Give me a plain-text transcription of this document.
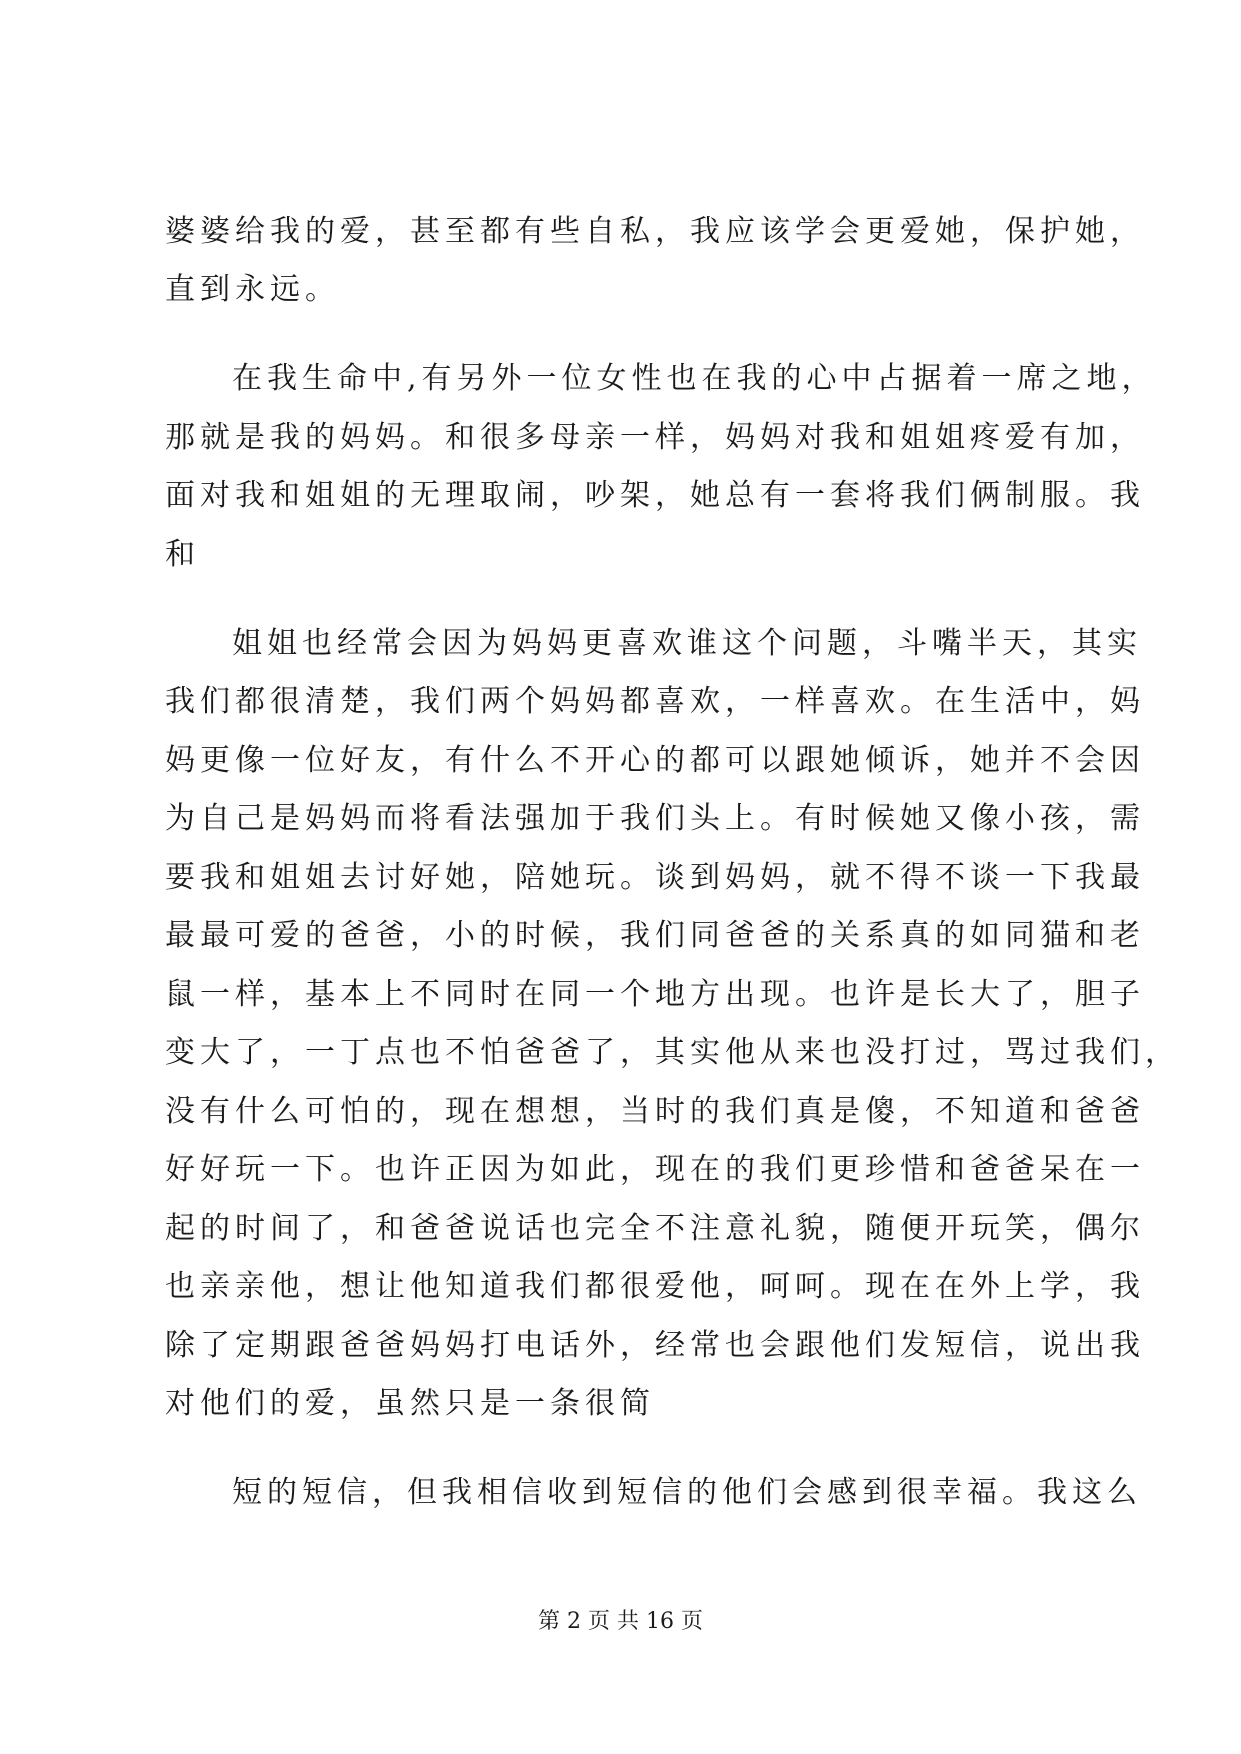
婆婆给我的爱，甚至都有些自私，我应该学会更爱她，保护她，
直到永远。
在我生命中,有另外一位女性也在我的心中占据着一席之地，
那就是我的妈妈。和很多母亲一样，妈妈对我和姐姐疼爱有加，
面对我和姐姐的无理取闹，吵架，她总有一套将我们俩制服。我
和
姐姐也经常会因为妈妈更喜欢谁这个问题，斗嘴半天，其实
我们都很清楚，我们两个妈妈都喜欢，一样喜欢。在生活中，妈
妈更像一位好友，有什么不开心的都可以跟她倾诉，她并不会因
为自己是妈妈而将看法强加于我们头上。有时候她又像小孩，需
要我和姐姐去讨好她，陪她玩。谈到妈妈，就不得不谈一下我最
最最可爱的爸爸，小的时候，我们同爸爸的关系真的如同猫和老
鼠一样，基本上不同时在同一个地方出现。也许是长大了，胆子
变大了，一丁点也不怕爸爸了，其实他从来也没打过，骂过我们，
没有什么可怕的，现在想想，当时的我们真是傻，不知道和爸爸
好好玩一下。也许正因为如此，现在的我们更珍惜和爸爸呆在一
起的时间了，和爸爸说话也完全不注意礼貌，随便开玩笑，偶尔
也亲亲他，想让他知道我们都很爱他，呵呵。现在在外上学，我
除了定期跟爸爸妈妈打电话外，经常也会跟他们发短信，说出我
对他们的爱，虽然只是一条很简
短的短信，但我相信收到短信的他们会感到很幸福。我这么
第 2 页 共 16 页
